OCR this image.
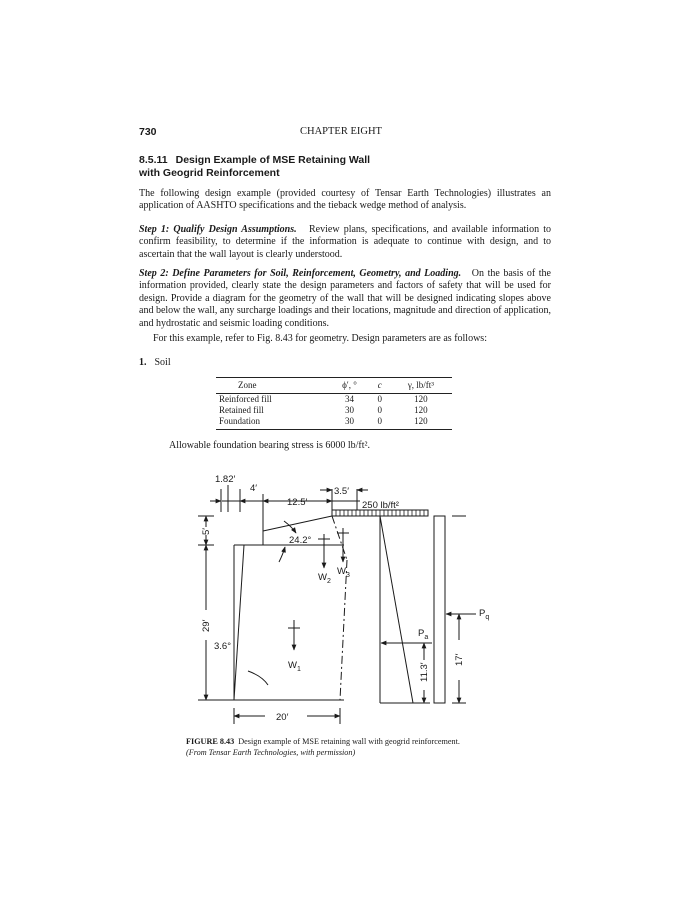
730	CHAPTER EIGHT
8.5.11 Design Example of MSE Retaining Wall
with Geogrid Reinforcement
The following design example (provided courtesy of Tensar Earth Technologies) illustrates an application of AASHTO specifications and the tieback wedge method of analysis.
Step 1: Qualify Design Assumptions. Review plans, specifications, and available information to confirm feasibility, to determine if the information is adequate to continue with design, and to ascertain that the wall layout is clearly understood.
Step 2: Define Parameters for Soil, Reinforcement, Geometry, and Loading. On the basis of the information provided, clearly state the design parameters and factors of safety that will be used for design. Provide a diagram for the geometry of the wall that will be designed indicating slopes above and below the wall, any surcharge loadings and their locations, magnitude and direction of application, and hydrostatic and seismic loading conditions.
For this example, refer to Fig. 8.43 for geometry. Design parameters are as follows:
1. Soil
Zone	ϕ′, °	c	γ, lb/ft³
Reinforced fill	34	0	120
Retained fill	30	0	120
Foundation	30	0	120
Allowable foundation bearing stress is 6000 lb/ft².
1.82′
4′
12.5′
3.5′
250 lb/ft²
24.2°
3.6°
5′
29′
20′
17′
11.3′
$W_1$
$W_2$
$W_3$
$P_a$
$P_q$
FIGURE 8.43 Design example of MSE retaining wall with geogrid reinforcement.
(From Tensar Earth Technologies, with permission)
